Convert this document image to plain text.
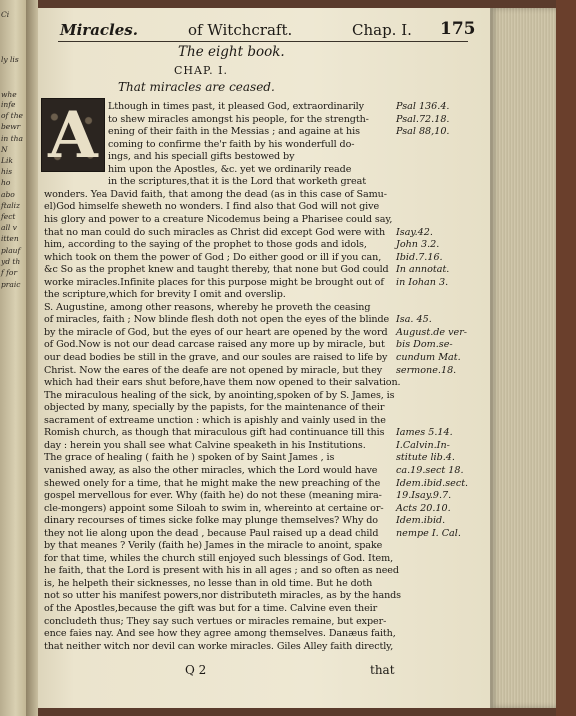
Ci
ly lis
whe
infe
of the
bewr
in tha
N
Lik
his
ho
abo
ftaliz
fect
all v
itten
plauf
yd th
f for
praic
Miracles.	of Witchcraft.	Chap. I. 175
The eight book.
CHAP. I.
That miracles are ceased.
A	Lthough in times past, it pleased God, extraordinarily
to shew miracles amongst his people, for the strength-
ening of their faith in the Messias ; and againe at his
coming to confirme the'r faith by his wonderfull do-
ings, and his speciall gifts bestowed by
him upon the Apostles, &c. yet we ordinarily reade
in the scriptures,that it is the Lord that worketh great
wonders. Yea David faith, that among the dead (as in this case of Samu-
el)God himselfe sheweth no wonders. I find also that God will not give
his glory and power to a creature Nicodemus being a Pharisee could say,
that no man could do such miracles as Christ did except God were with
him, according to the saying of the prophet to those gods and idols,
which took on them the power of God ; Do either good or ill if you can,
&c So as the prophet knew and taught thereby, that none but God could
worke miracles.Infinite places for this purpose might be brought out of
the scripture,which for brevity I omit and overslip.
S. Augustine, among other reasons, whereby he proveth the ceasing
of miracles, faith ; Now blinde flesh doth not open the eyes of the blinde
by the miracle of God, but the eyes of our heart are opened by the word
of God.Now is not our dead carcase raised any more up by miracle, but
our dead bodies be still in the grave, and our soules are raised to life by
Christ. Now the eares of the deafe are not opened by miracle, but they
which had their ears shut before,have them now opened to their salvation.
The miraculous healing of the sick, by anointing,spoken of by S. James, is
objected by many, specially by the papists, for the maintenance of their
sacrament of extreame unction : which is apishly and vainly used in the
Romish church, as though that miraculous gift had continuance till this
day : herein you shall see what Calvine speaketh in his Institutions.
The grace of healing ( faith he ) spoken of by Saint James , is
vanished away, as also the other miracles, which the Lord would have
shewed onely for a time, that he might make the new preaching of the
gospel mervellous for ever. Why (faith he) do not these (meaning mira-
cle-mongers) appoint some Siloah to swim in, whereinto at certaine or-
dinary recourses of times sicke folke may plunge themselves? Why do
they not lie along upon the dead , because Paul raised up a dead child
by that meanes ? Verily (faith he) James in the miracle to anoint, spake
for that time, whiles the church still enjoyed such blessings of God. Item,
he faith, that the Lord is present with his in all ages ; and so often as need
is, he helpeth their sicknesses, no lesse than in old time. But he doth
not so utter his manifest powers,nor distributeth miracles, as by the hands
of the Apostles,because the gift was but for a time. Calvine even their
concludeth thus; They say such vertues or miracles remaine, but exper-
ence faies nay. And see how they agree among themselves. Danæus faith,
that neither witch nor devil can worke miracles. Giles Alley faith directly,
Psal 136.4.
Psal.72.18.
Psal 88,10.
Isay.42.
John 3.2.
Ibid.7.16.
In annotat.
in Iohan 3.
Isa. 45.
August.de ver-
bis Dom.se-
cundum Mat.
sermone.18.
Iames 5.14.
I.Calvin.In-
stitute lib.4.
ca.19.sect 18.
Idem.ibid.sect.
19.Isay.9.7.
Acts 20.10.
Idem.ibid.
nempe I. Cal.
Q 2	that
